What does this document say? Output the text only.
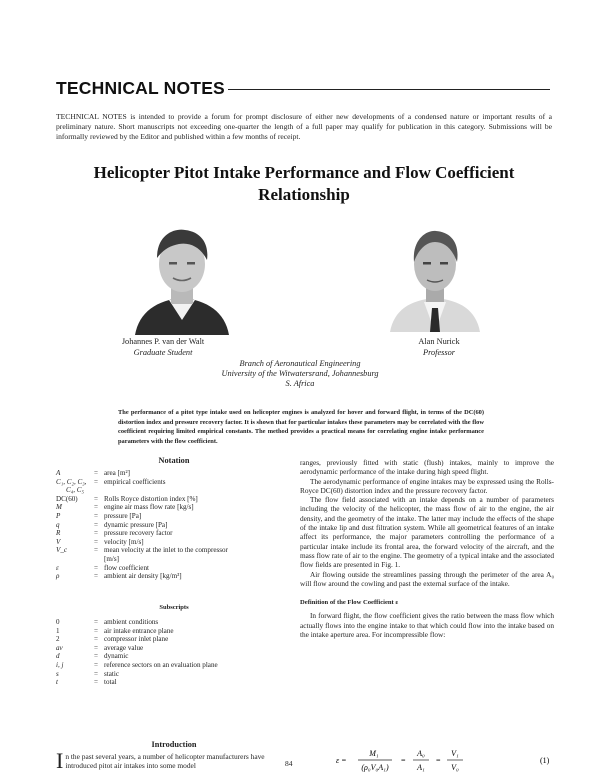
TECHNICAL NOTES
TECHNICAL NOTES is intended to provide a forum for prompt disclosure of either new developments of a condensed nature or important results of a preliminary nature. Short manuscripts not exceeding one-quarter the length of a full paper may qualify for publication in this category. Submissions will be informally reviewed by the Editor and published within a few months of receipt.
Helicopter Pitot Intake Performance and Flow Coefficient Relationship
Johannes P. van der Walt
Graduate Student
Alan Nurick
Professor
Branch of Aeronautical Engineering
University of the Witwatersrand, Johannesburg
S. Africa
The performance of a pitot type intake used on helicopter engines is analyzed for hover and forward flight, in terms of the DC(60) distortion index and pressure recovery factor. It is shown that for particular intakes these parameters may be correlated with the flow coefficient requiring limited empirical constants. The method provides a practical means for correlating engine intake performance parameters with the flow coefficient.
Notation
A	= area [m²]
C₁, C₂, C₃,	= empirical coefficients
C₄, C₅
DC(60)	= Rolls Royce distortion index [%]
M	= engine air mass flow rate [kg/s]
P	= pressure [Pa]
q	= dynamic pressure [Pa]
R	= pressure recovery factor
V	= velocity [m/s]
V_c	= mean velocity at the inlet to the compressor
[m/s]
ε	= flow coefficient
ρ	= ambient air density [kg/m³]
Subscripts
0	= ambient conditions
1	= air intake entrance plane
2	= compressor inlet plane
av	= average value
d	= dynamic
i, j	= reference sectors on an evaluation plane
s	= static
t	= total
Introduction
In the past several years, a number of helicopter manufacturers have introduced pitot air intakes into some model

ranges, previously fitted with static (flush) intakes, mainly to improve the aerodynamic performance of the intake during high speed flight.

The aerodynamic performance of engine intakes may be expressed using the Rolls-Royce DC(60) distortion index and the pressure recovery factor.

The flow field associated with an intake depends on a number of parameters including the velocity of the helicopter, the mass flow of air to the engine, the air density, and the geometry of the intake. The latter may include the effects of the shape of the intake lip and dust filtration system. While all geometrical features of an intake affect its performance, the major parameters controlling the performance of a particular intake include its frontal area, the forward velocity of the aircraft, and the mass flow rate of air to the engine. The geometry of a typical intake and the associated flow fields are presented in Fig. 1.

Air flowing outside the streamlines passing through the perimeter of the area A₀ will flow around the cowling and past the external surface of the intake.

Definition of the Flow Coefficient ε

In forward flight, the flow coefficient gives the ratio between the mass flow which actually flows into the engine intake to that which could flow into the intake based on the intake aperture area. For incompressible flow:

ε =
M₁
(ρ₀V₀A₁)
=
A₀
A₁
=
V₁
V₀
(1)
84
